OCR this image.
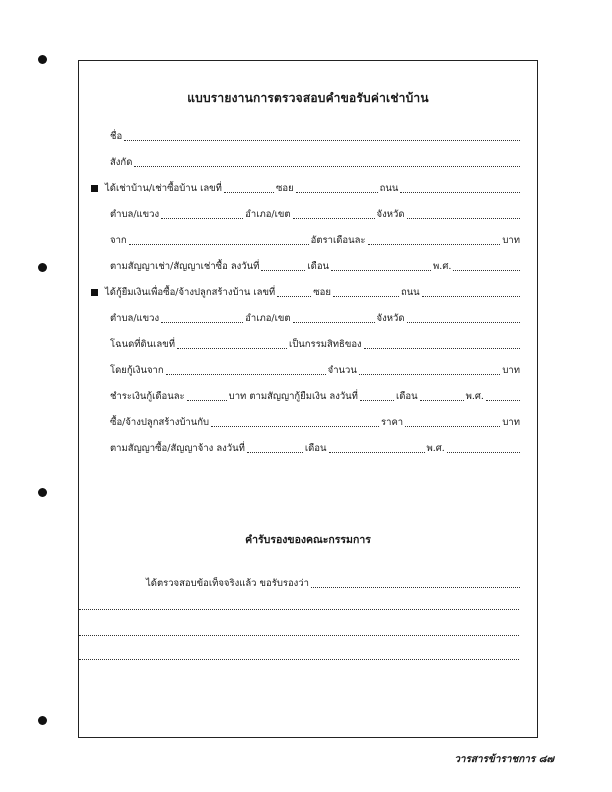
แบบรายงานการตรวจสอบคำขอรับค่าเช่าบ้าน
ชื่อ
สังกัด
ได้เช่าบ้าน/เช่าซื้อบ้าน เลขที่	ซอย	ถนน
ตำบล/แขวง	อำเภอ/เขต	จังหวัด
จาก	อัตราเดือนละ	บาท
ตามสัญญาเช่า/สัญญาเช่าซื้อ ลงวันที่	เดือน	พ.ศ.
ได้กู้ยืมเงินเพื่อซื้อ/จ้างปลูกสร้างบ้าน เลขที่	ซอย	ถนน
ตำบล/แขวง	อำเภอ/เขต	จังหวัด
โฉนดที่ดินเลขที่	เป็นกรรมสิทธิของ
โดยกู้เงินจาก	จำนวน	บาท
ชำระเงินกู้เดือนละ	บาท ตามสัญญากู้ยืมเงิน ลงวันที่	เดือน	พ.ศ.
ซื้อ/จ้างปลูกสร้างบ้านกับ	ราคา	บาท
ตามสัญญาซื้อ/สัญญาจ้าง ลงวันที่	เดือน	พ.ศ.
คำรับรองของคณะกรรมการ
ได้ตรวจสอบข้อเท็จจริงแล้ว ขอรับรองว่า
วารสารข้าราชการ ๘๗
